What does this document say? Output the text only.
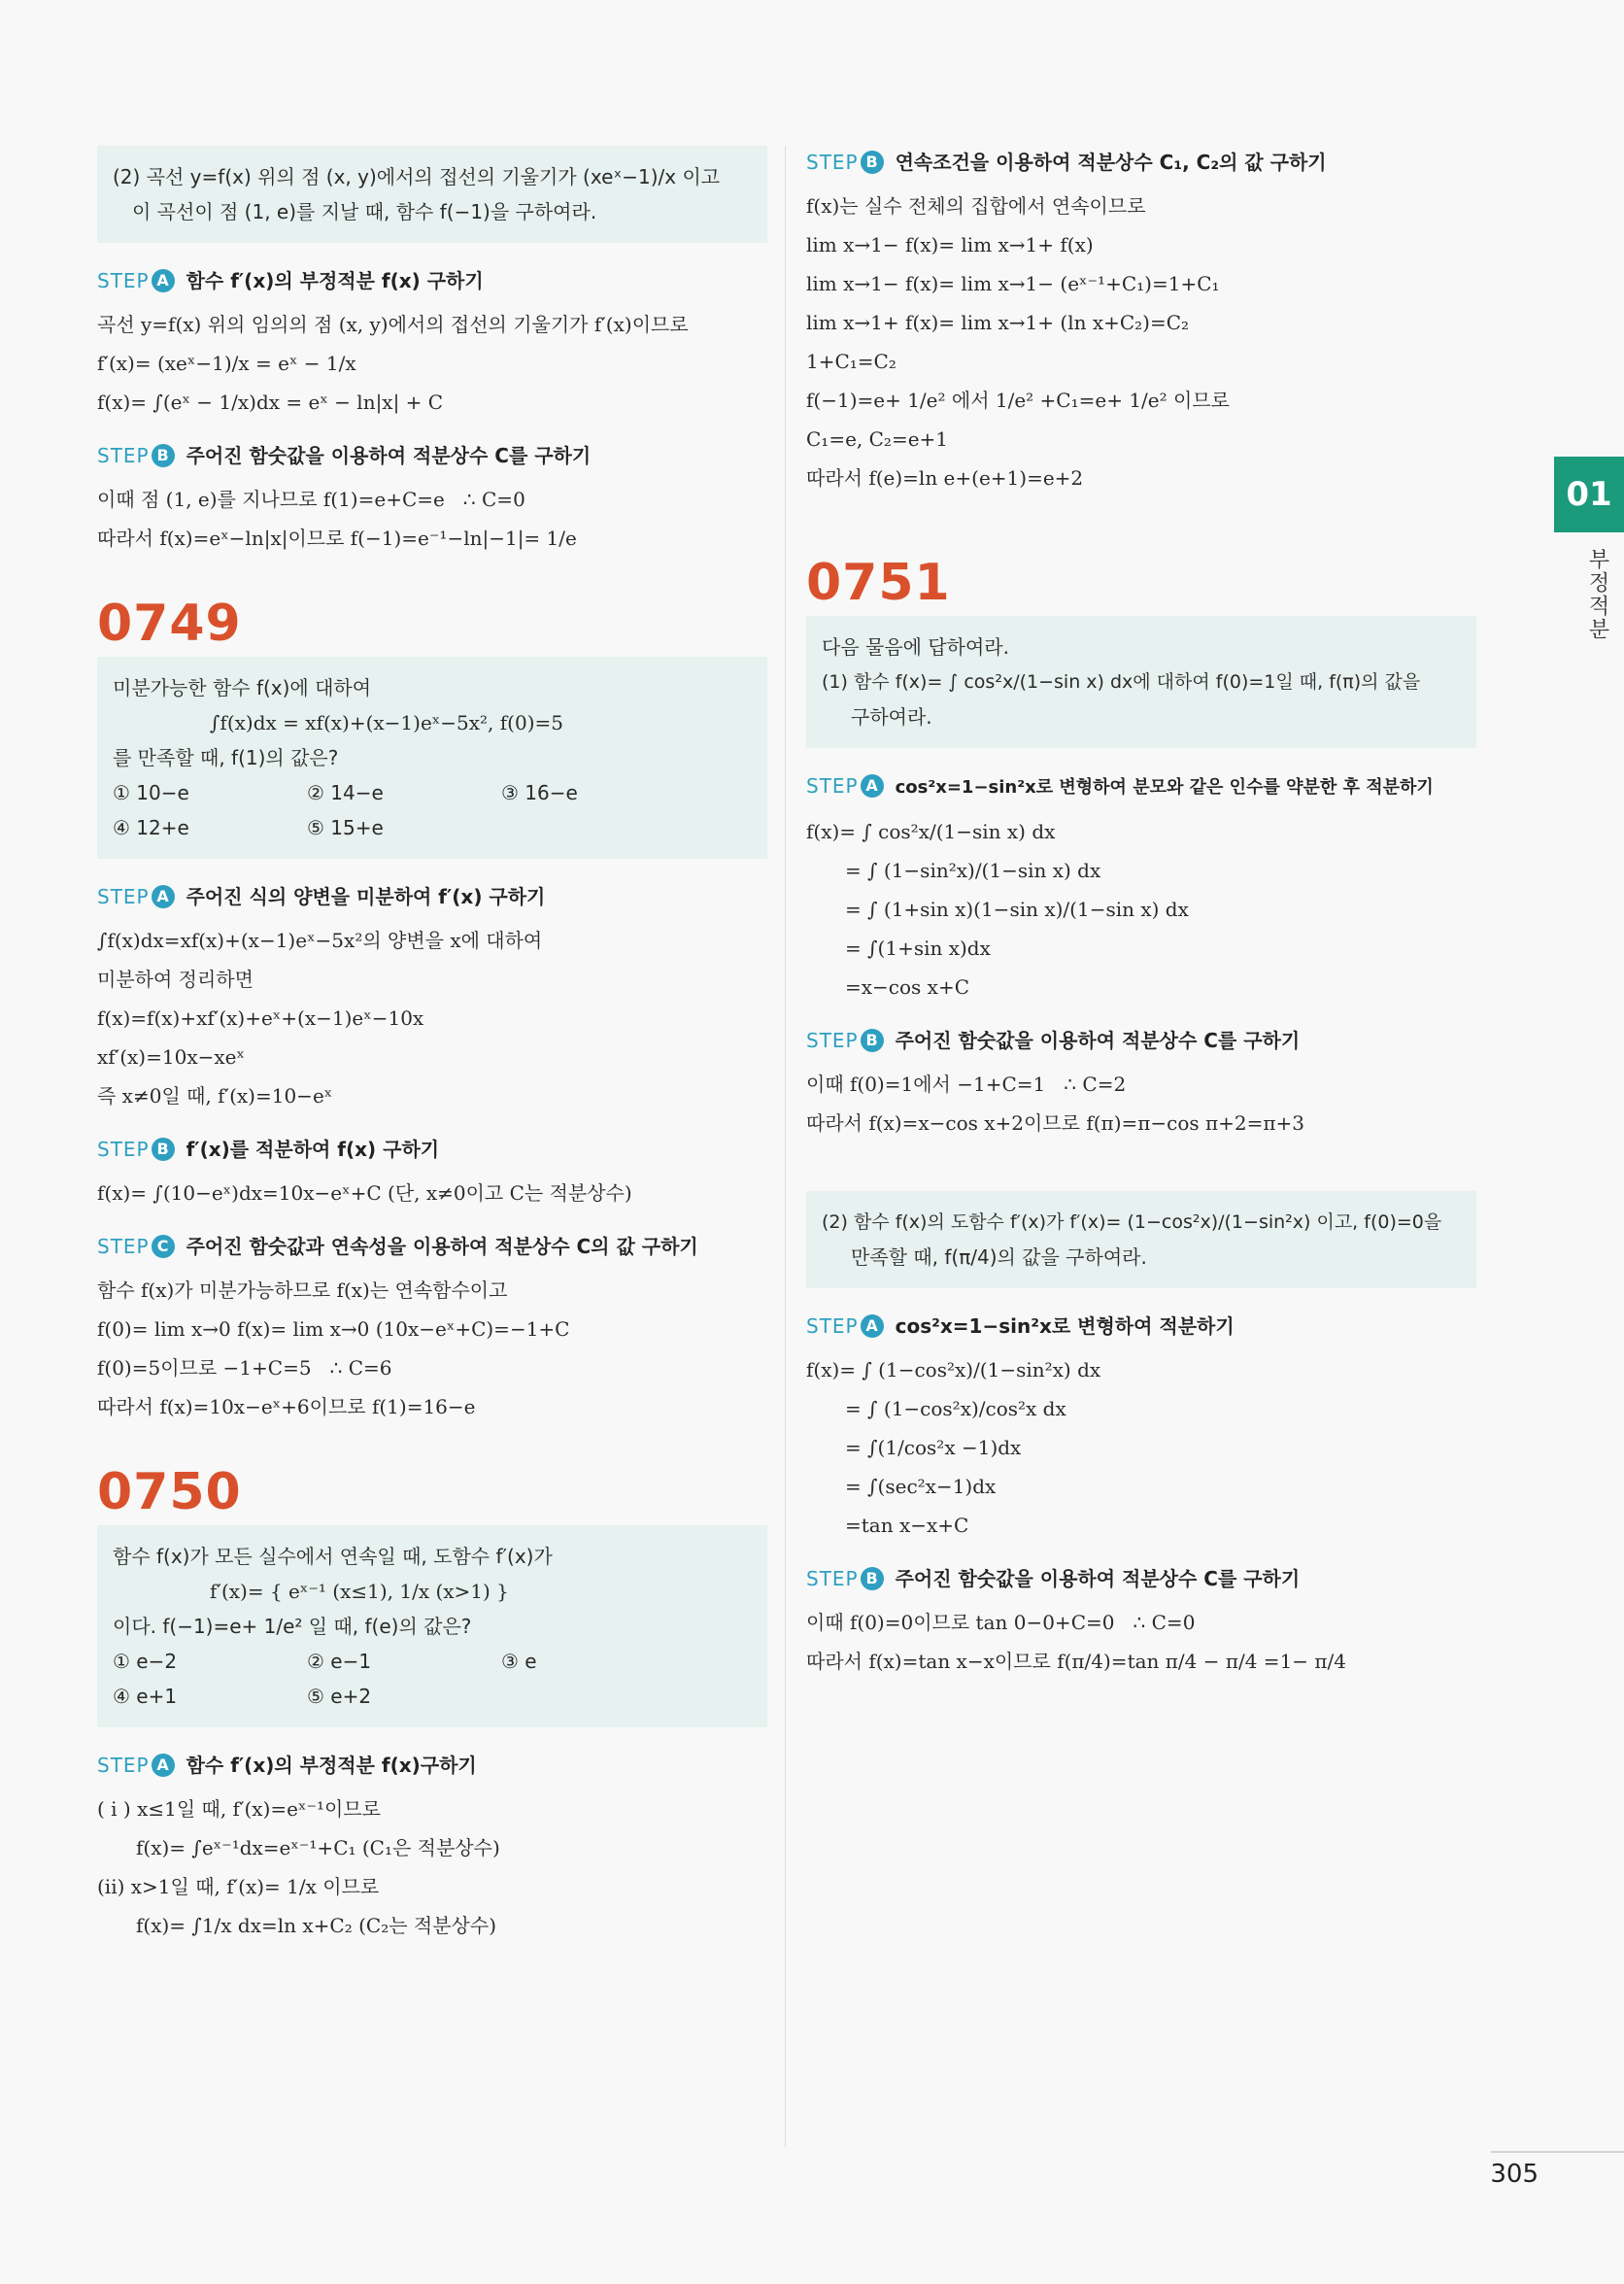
(2) 곡선 y=f(x) 위의 점 (x, y)에서의 접선의 기울기가 (xeˣ−1)/x 이고
이 곡선이 점 (1, e)를 지날 때, 함수 f(−1)을 구하여라.
STEP A 함수 f′(x)의 부정적분 f(x) 구하기
곡선 y=f(x) 위의 임의의 점 (x, y)에서의 접선의 기울기가 f′(x)이므로
f′(x)= (xeˣ−1)/x = eˣ − 1/x
f(x)= ∫(eˣ − 1/x)dx = eˣ − ln|x| + C
STEP B 주어진 함숫값을 이용하여 적분상수 C를 구하기
이때 점 (1, e)를 지나므로 f(1)=e+C=e   ∴ C=0
따라서 f(x)=eˣ−ln|x|이므로 f(−1)=e⁻¹−ln|−1|= 1/e
0749
미분가능한 함수 f(x)에 대하여
∫f(x)dx = xf(x)+(x−1)eˣ−5x², f(0)=5
를 만족할 때, f(1)의 값은?
① 10−e	② 14−e	③ 16−e
④ 12+e	⑤ 15+e
STEP A 주어진 식의 양변을 미분하여 f′(x) 구하기
∫f(x)dx=xf(x)+(x−1)eˣ−5x²의 양변을 x에 대하여
미분하여 정리하면
f(x)=f(x)+xf′(x)+eˣ+(x−1)eˣ−10x
xf′(x)=10x−xeˣ
즉 x≠0일 때, f′(x)=10−eˣ
STEP B f′(x)를 적분하여 f(x) 구하기
f(x)= ∫(10−eˣ)dx=10x−eˣ+C (단, x≠0이고 C는 적분상수)
STEP C 주어진 함숫값과 연속성을 이용하여 적분상수 C의 값 구하기
함수 f(x)가 미분가능하므로 f(x)는 연속함수이고
f(0)= lim x→0 f(x)= lim x→0 (10x−eˣ+C)=−1+C
f(0)=5이므로 −1+C=5   ∴ C=6
따라서 f(x)=10x−eˣ+6이므로 f(1)=16−e
0750
함수 f(x)가 모든 실수에서 연속일 때, 도함수 f′(x)가
f′(x)= { eˣ⁻¹ (x≤1), 1/x (x>1) }
이다. f(−1)=e+ 1/e² 일 때, f(e)의 값은?
① e−2	② e−1	③ e
④ e+1	⑤ e+2
STEP A 함수 f′(x)의 부정적분 f(x)구하기
( i ) x≤1일 때, f′(x)=eˣ⁻¹이므로
f(x)= ∫eˣ⁻¹dx=eˣ⁻¹+C₁ (C₁은 적분상수)
(ii) x>1일 때, f′(x)= 1/x 이므로
f(x)= ∫1/x dx=ln x+C₂ (C₂는 적분상수)
STEP B 연속조건을 이용하여 적분상수 C₁, C₂의 값 구하기
f(x)는 실수 전체의 집합에서 연속이므로
lim x→1− f(x)= lim x→1+ f(x)
lim x→1− f(x)= lim x→1− (eˣ⁻¹+C₁)=1+C₁
lim x→1+ f(x)= lim x→1+ (ln x+C₂)=C₂
1+C₁=C₂
f(−1)=e+ 1/e² 에서 1/e² +C₁=e+ 1/e² 이므로
C₁=e, C₂=e+1
따라서 f(e)=ln e+(e+1)=e+2
0751
다음 물음에 답하여라.
(1) 함수 f(x)= ∫ cos²x/(1−sin x) dx에 대하여 f(0)=1일 때, f(π)의 값을
구하여라.
STEP A cos²x=1−sin²x로 변형하여 분모와 같은 인수를 약분한 후 적분하기
f(x)= ∫ cos²x/(1−sin x) dx
= ∫ (1−sin²x)/(1−sin x) dx
= ∫ (1+sin x)(1−sin x)/(1−sin x) dx
= ∫(1+sin x)dx
=x−cos x+C
STEP B 주어진 함숫값을 이용하여 적분상수 C를 구하기
이때 f(0)=1에서 −1+C=1   ∴ C=2
따라서 f(x)=x−cos x+2이므로 f(π)=π−cos π+2=π+3
(2) 함수 f(x)의 도함수 f′(x)가 f′(x)= (1−cos²x)/(1−sin²x) 이고, f(0)=0을
만족할 때, f(π/4)의 값을 구하여라.
STEP A cos²x=1−sin²x로 변형하여 적분하기
f(x)= ∫ (1−cos²x)/(1−sin²x) dx
= ∫ (1−cos²x)/cos²x dx
= ∫(1/cos²x −1)dx
= ∫(sec²x−1)dx
=tan x−x+C
STEP B 주어진 함숫값을 이용하여 적분상수 C를 구하기
이때 f(0)=0이므로 tan 0−0+C=0   ∴ C=0
따라서 f(x)=tan x−x이므로 f(π/4)=tan π/4 − π/4 =1− π/4
01
부정적분
305
